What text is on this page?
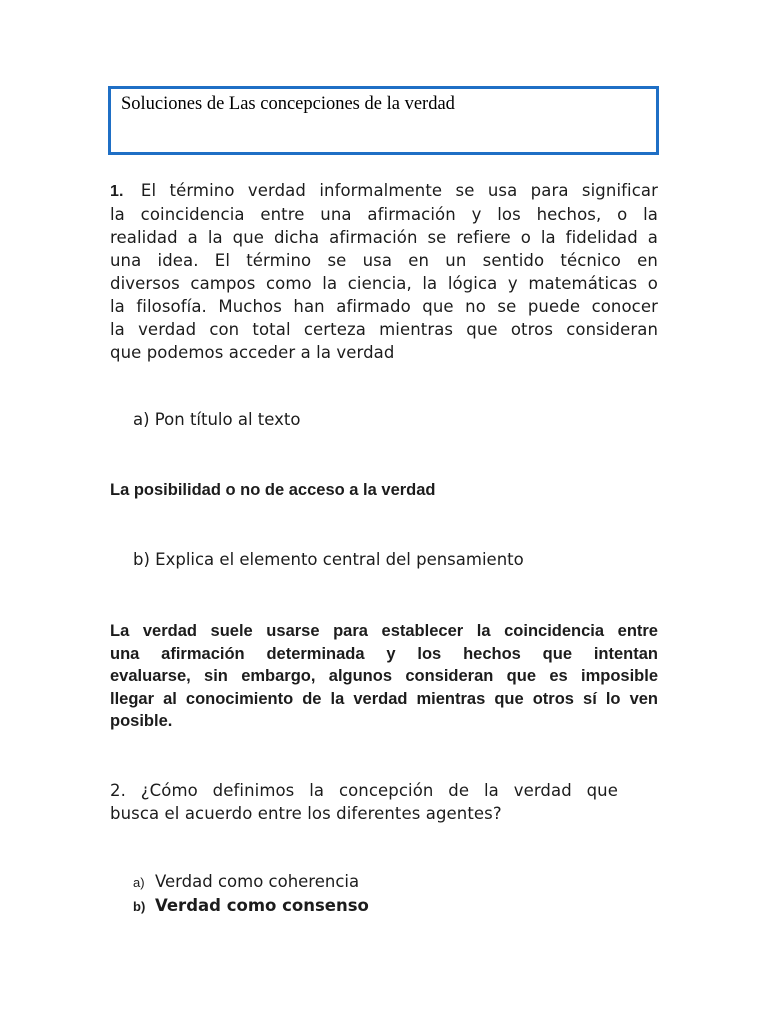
Soluciones de Las concepciones de la verdad
1. El término verdad informalmente se usa para significar
la coincidencia entre una afirmación y los hechos, o la
realidad a la que dicha afirmación se refiere o la fidelidad a
una idea. El término se usa en un sentido técnico en
diversos campos como la ciencia, la lógica y matemáticas o
la filosofía. Muchos han afirmado que no se puede conocer
la verdad con total certeza mientras que otros consideran
que podemos acceder a la verdad
a) Pon título al texto
La posibilidad o no de acceso a la verdad
b) Explica el elemento central del pensamiento
La verdad suele usarse para establecer la coincidencia entre
una afirmación determinada y los hechos que intentan
evaluarse, sin embargo, algunos consideran que es imposible
llegar al conocimiento de la verdad mientras que otros sí lo ven
posible.
2. ¿Cómo definimos la concepción de la verdad que
busca el acuerdo entre los diferentes agentes?
a) Verdad como coherencia
b) Verdad como consenso
